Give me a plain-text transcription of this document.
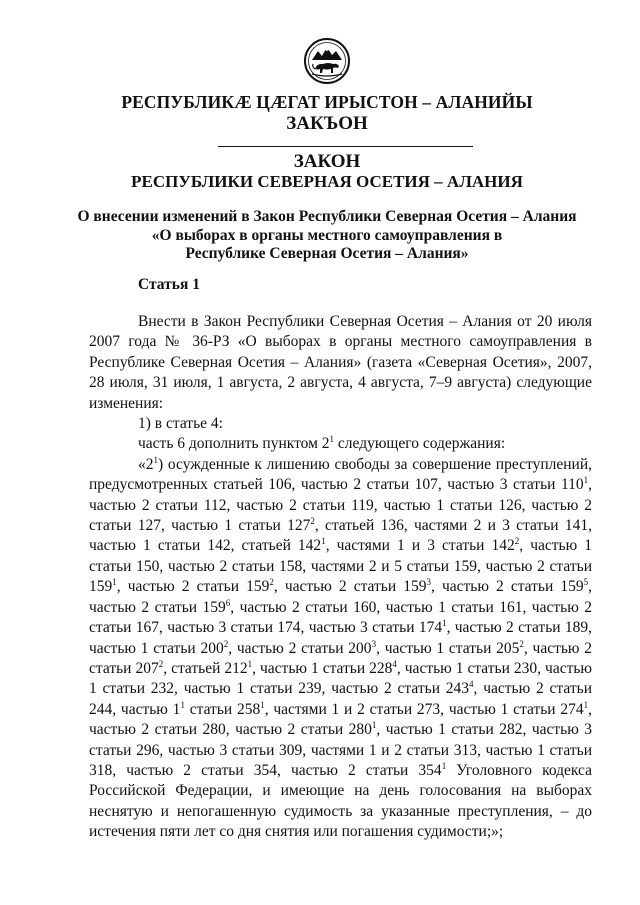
РЕСПУБЛИКӔ ЦӔГАТ ИРЫСТОН – АЛАНИЙЫ
ЗАКЪОН
ЗАКОН
РЕСПУБЛИКИ СЕВЕРНАЯ ОСЕТИЯ – АЛАНИЯ
О внесении изменений в Закон Республики Северная Осетия – Алания
«О выборах в органы местного самоуправления в
Республике Северная Осетия – Алания»
Статья 1

Внести в Закон Республики Северная Осетия – Алания от 20 июля 2007 года № 36-РЗ «О выборах в органы местного самоуправления в Республике Северная Осетия – Алания» (газета «Северная Осетия», 2007, 28 июля, 31 июля, 1 августа, 2 августа, 4 августа, 7–9 августа) следующие изменения:

1) в статье 4:

часть 6 дополнить пунктом $2^1$ следующего содержания:

«$2^1$) осужденные к лишению свободы за совершение преступлений, предусмотренных статьей 106, частью 2 статьи 107, частью 3 статьи $110^1$, частью 2 статьи 112, частью 2 статьи 119, частью 1 статьи 126, частью 2 статьи 127, частью 1 статьи $127^2$, статьей 136, частями 2 и 3 статьи 141, частью 1 статьи 142, статьей $142^1$, частями 1 и 3 статьи $142^2$, частью 1 статьи 150, частью 2 статьи 158, частями 2 и 5 статьи 159, частью 2 статьи $159^1$, частью 2 статьи $159^2$, частью 2 статьи $159^3$, частью 2 статьи $159^5$, частью 2 статьи $159^6$, частью 2 статьи 160, частью 1 статьи 161, частью 2 статьи 167, частью 3 статьи 174, частью 3 статьи $174^1$, частью 2 статьи 189, частью 1 статьи $200^2$, частью 2 статьи $200^3$, частью 1 статьи $205^2$, частью 2 статьи $207^2$, статьей $212^1$, частью 1 статьи $228^4$, частью 1 статьи 230, частью 1 статьи 232, частью 1 статьи 239, частью 2 статьи $243^4$, частью 2 статьи 244, частью $1^1$ статьи $258^1$, частями 1 и 2 статьи 273, частью 1 статьи $274^1$, частью 2 статьи 280, частью 2 статьи $280^1$, частью 1 статьи 282, частью 3 статьи 296, частью 3 статьи 309, частями 1 и 2 статьи 313, частью 1 статьи 318, частью 2 статьи 354, частью 2 статьи $354^1$ Уголовного кодекса Российской Федерации, и имеющие на день голосования на выборах неснятую и непогашенную судимость за указанные преступления, – до истечения пяти лет со дня снятия или погашения судимости;»;
